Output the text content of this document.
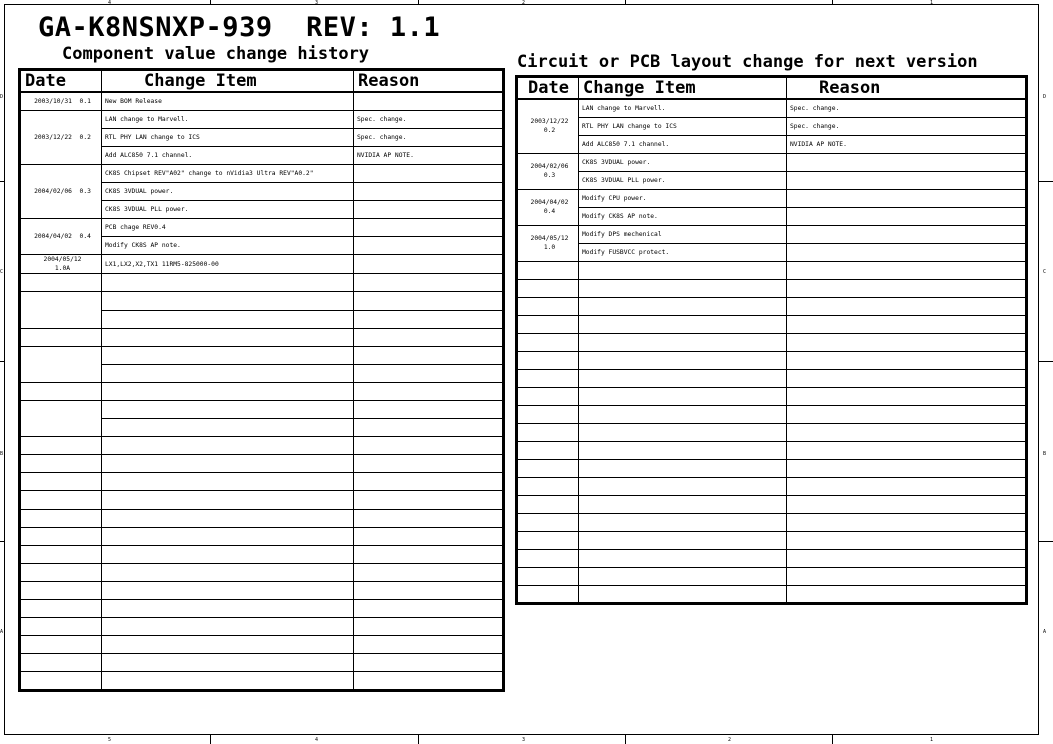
4	3	2	1
5	4	3	2	1
D	D
C	C
B	B
A	A
GA-K8NSNXP-939 REV: 1.1
Component value change history	Circuit or PCB layout change for next version
Date	Change Item	Reason
2003/10/31  0.1	New BOM Release	
2003/12/22  0.2	LAN change to Marvell.	Spec. change.
	RTL PHY LAN change to ICS	Spec. change.
	Add ALC850 7.1 channel.	NVIDIA AP NOTE.
2004/02/06  0.3	CK8S Chipset REV"A02" change to nVidia3 Ultra REV"A0.2"	
	CK8S 3VDUAL power.	
	CK8S 3VDUAL PLL power.	
2004/04/02  0.4	PCB chage REV0.4	
	Modify CK8S AP note.	
2004/05/12
1.0A	LX1,LX2,X2,TX1 11RM5-825000-00	

Date	Change Item	Reason
2003/12/22
0.2	LAN change to Marvell.	Spec. change.
	RTL PHY LAN change to ICS	Spec. change.
	Add ALC850 7.1 channel.	NVIDIA AP NOTE.
2004/02/06
0.3	CK8S 3VDUAL power.	
	CK8S 3VDUAL PLL power.	
2004/04/02
0.4	Modify CPU power.	
	Modify CK8S AP note.	
2004/05/12
1.0	Modify DPS mechenical	
	Modify FUSBVCC protect.	
